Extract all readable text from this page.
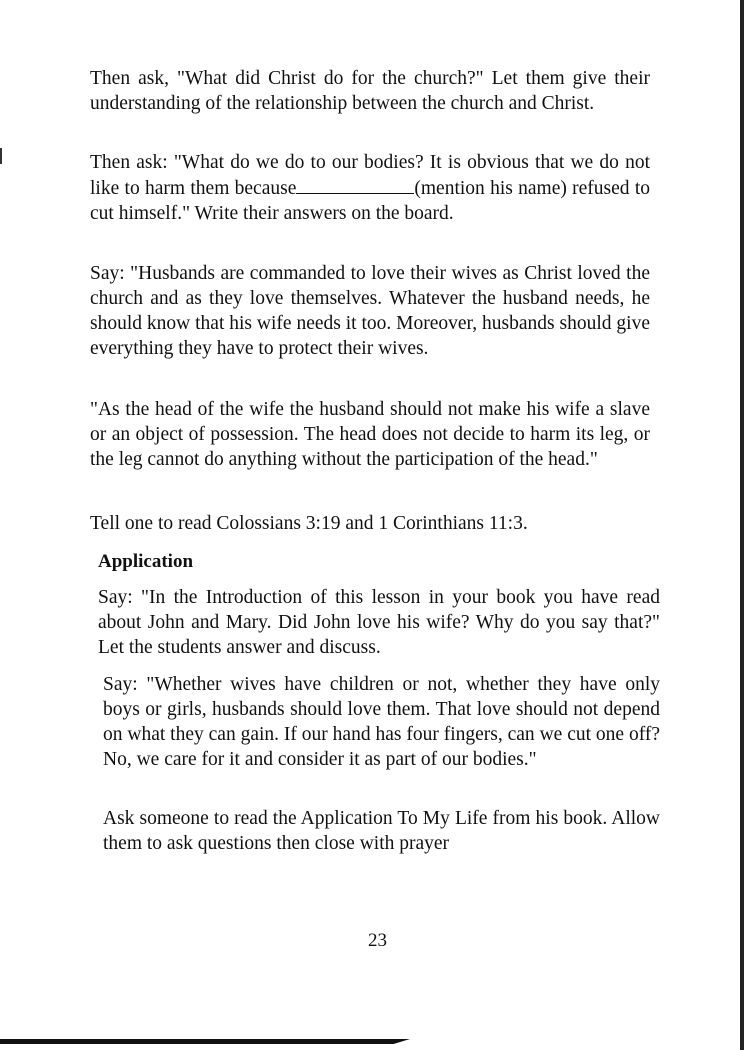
Then ask, "What did Christ do for the church?" Let them give their understanding of the relationship between the church and Christ.

Then ask: "What do we do to our bodies? It is obvious that we do not like to harm them because	(mention his name) refused to cut himself." Write their answers on the board.

Say: "Husbands are commanded to love their wives as Christ loved the church and as they love themselves. Whatever the husband needs, he should know that his wife needs it too. Moreover, husbands should give everything they have to protect their wives.

"As the head of the wife the husband should not make his wife a slave or an object of possession. The head does not decide to harm its leg, or the leg cannot do anything without the participation of the head."

Tell one to read Colossians 3:19 and 1 Corinthians 11:3.

Application

Say: "In the Introduction of this lesson in your book you have read about John and Mary. Did John love his wife? Why do you say that?" Let the students answer and discuss.

Say: "Whether wives have children or not, whether they have only boys or girls, husbands should love them. That love should not depend on what they can gain. If our hand has four fingers, can we cut one off? No, we care for it and consider it as part of our bodies."

Ask someone to read the Application To My Life from his book. Allow them to ask questions then close with prayer

23
